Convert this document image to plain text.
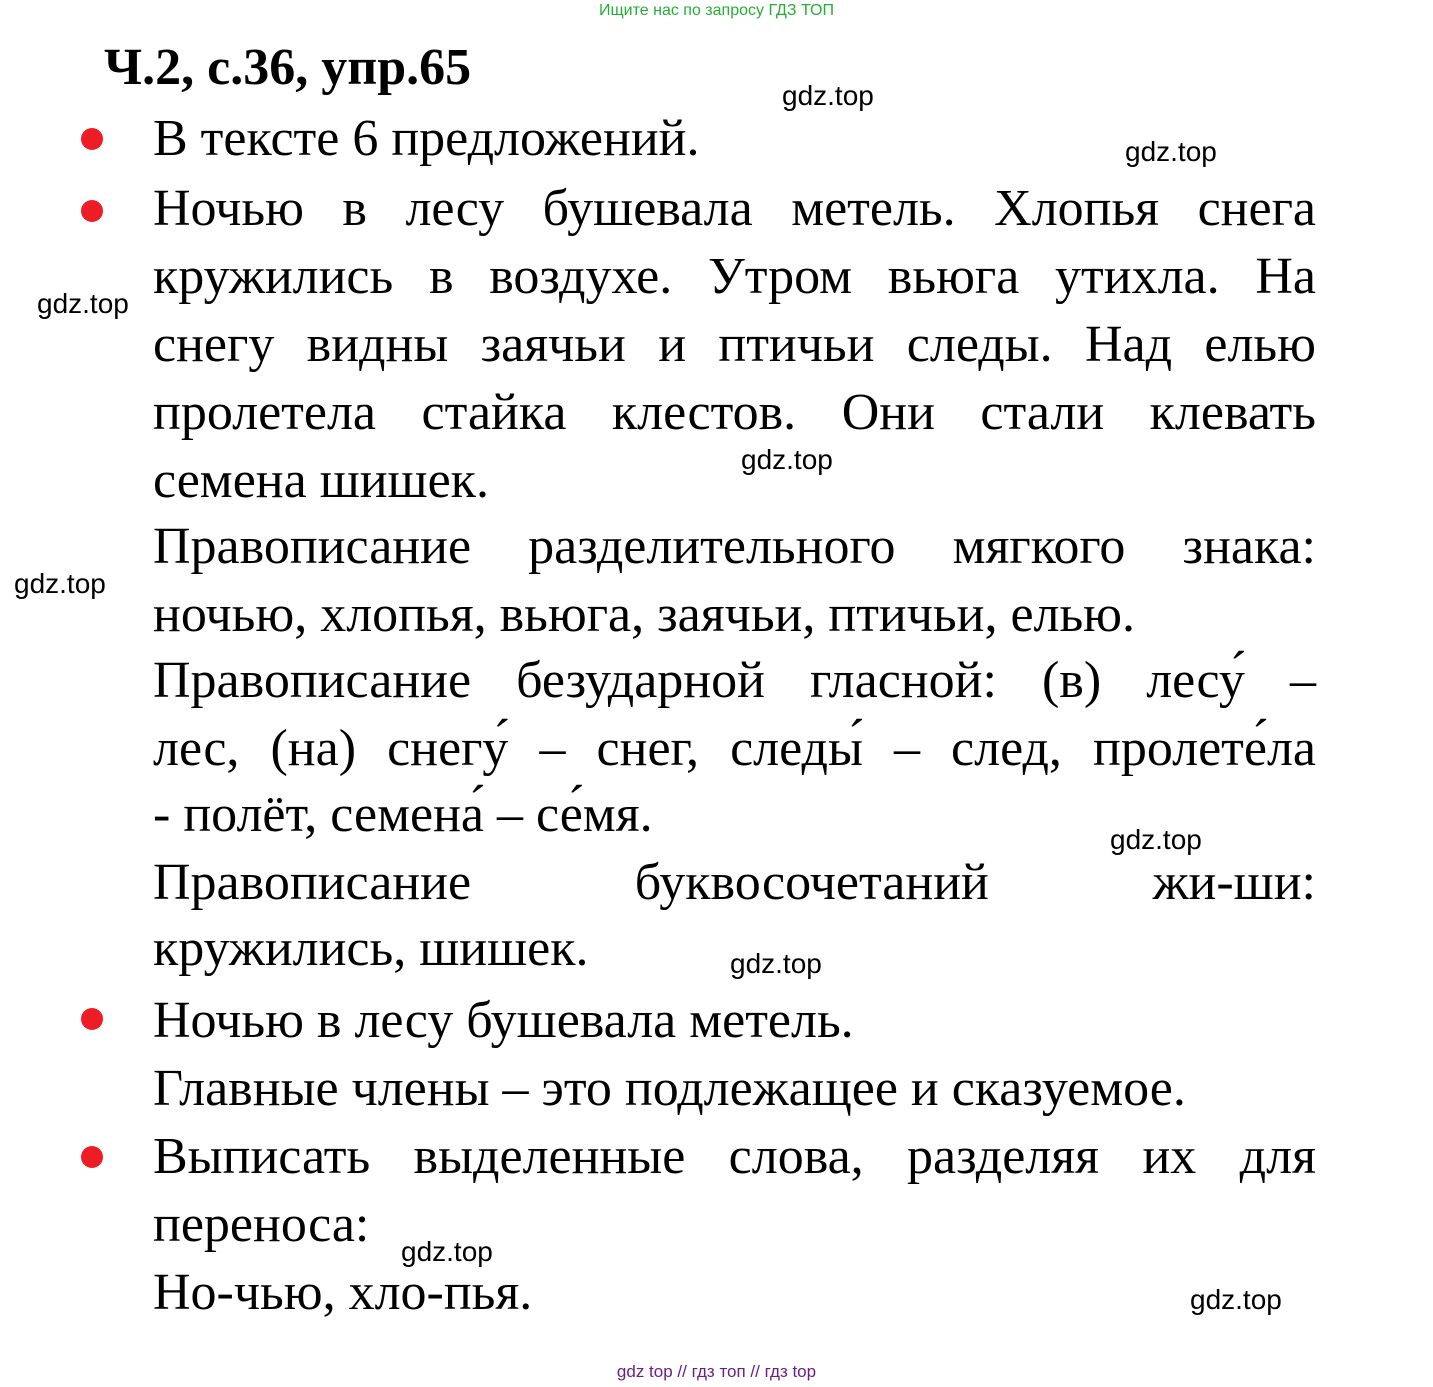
Ищите нас по запросу ГДЗ ТОП
Ч.2, с.36, упр.65	gdz.top
gdz.top
gdz.top
gdz.top
gdz.top
gdz.top
gdz.top
gdz.top
gdz.top
В тексте 6 предложений.
Ночью в лесу бушевала метель. Хлопья снега
кружились в воздухе. Утром вьюга утихла. На
снегу видны заячьи и птичьи следы. Над елью
пролетела стайка клестов. Они стали клевать
семена шишек.
Правописание разделительного мягкого знака:
ночью, хлопья, вьюга, заячьи, птичьи, елью.
Правописание безударной гласной: (в) лесу́ –
лес, (на) снегу́ – снег, следы́ – след, пролете́ла
- полёт, семена́ – се́мя.
Правописание буквосочетаний жи-ши:
кружились, шишек.
Ночью в лесу бушевала метель.
Главные члены – это подлежащее и сказуемое.
Выписать выделенные слова, разделяя их для
переноса:
Но-чью, хло-пья.
gdz top // гдз топ // гдз top
